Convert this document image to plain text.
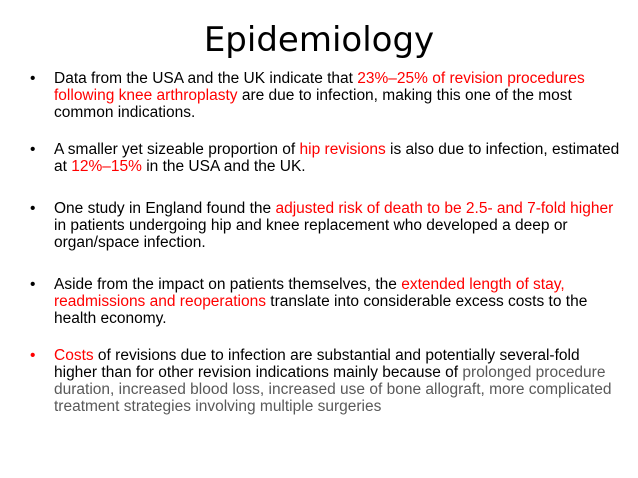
Epidemiology
•	Data from the USA and the UK indicate that 23%–25% of revision procedures following knee arthroplasty are due to infection, making this one of the most common indications.
•	A smaller yet sizeable proportion of hip revisions is also due to infection, estimated at 12%–15% in the USA and the UK.
•	One study in England found the adjusted risk of death to be 2.5- and 7-fold higher in patients undergoing hip and knee replacement who developed a deep or organ/space infection.
•	Aside from the impact on patients themselves, the extended length of stay, readmissions and reoperations translate into considerable excess costs to the health economy.
•	Costs of revisions due to infection are substantial and potentially several-fold higher than for other revision indications mainly because of prolonged procedure duration, increased blood loss, increased use of bone allograft, more complicated treatment strategies involving multiple surgeries
